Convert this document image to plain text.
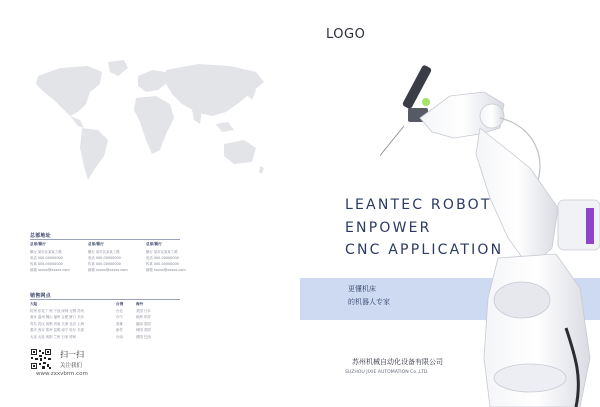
总部地址
总部/额行
额行 某市区某某工路
电话 000-00000000
传真 000-00000000
邮箱 xxxxx@xxxxx.com
总部/额行
额行 某市区某某工路
电话 000-00000000
传真 000-00000000
邮箱 xxxxx@xxxxx.com
总部/额行
额行 某市区某某工路
电话 000-00000000
传真 000-00000000
邮箱 xxxxx@xxxxx.com
销售网点
大陆	台湾	海外
杭州 东莞 广州 宁波 深圳 无锡 苏州
南京 温州 佛山 福州 合肥 厦门 长沙
青岛 武汉 成都 济南 天津 北京 上海
重庆 西安 郑州 昆明 南宁 哈尔 长春
大连 太原 贵阳 兰州 石家 呼和
台北
台中
高雄
新竹
台南
美国 日本
欧洲 印度
越南 泰国
韩国 英国
德国 巴西
扫一扫
关注我们
www.zxxvbrm.com
LOGO
LEANTEC ROBOT
ENPOWER
CNC APPLICATION
更懂机床
的机器人专家
苏州机械自动化设备有限公司
SUZHOU JIXIE AUTOMATION Co.,LTD.
